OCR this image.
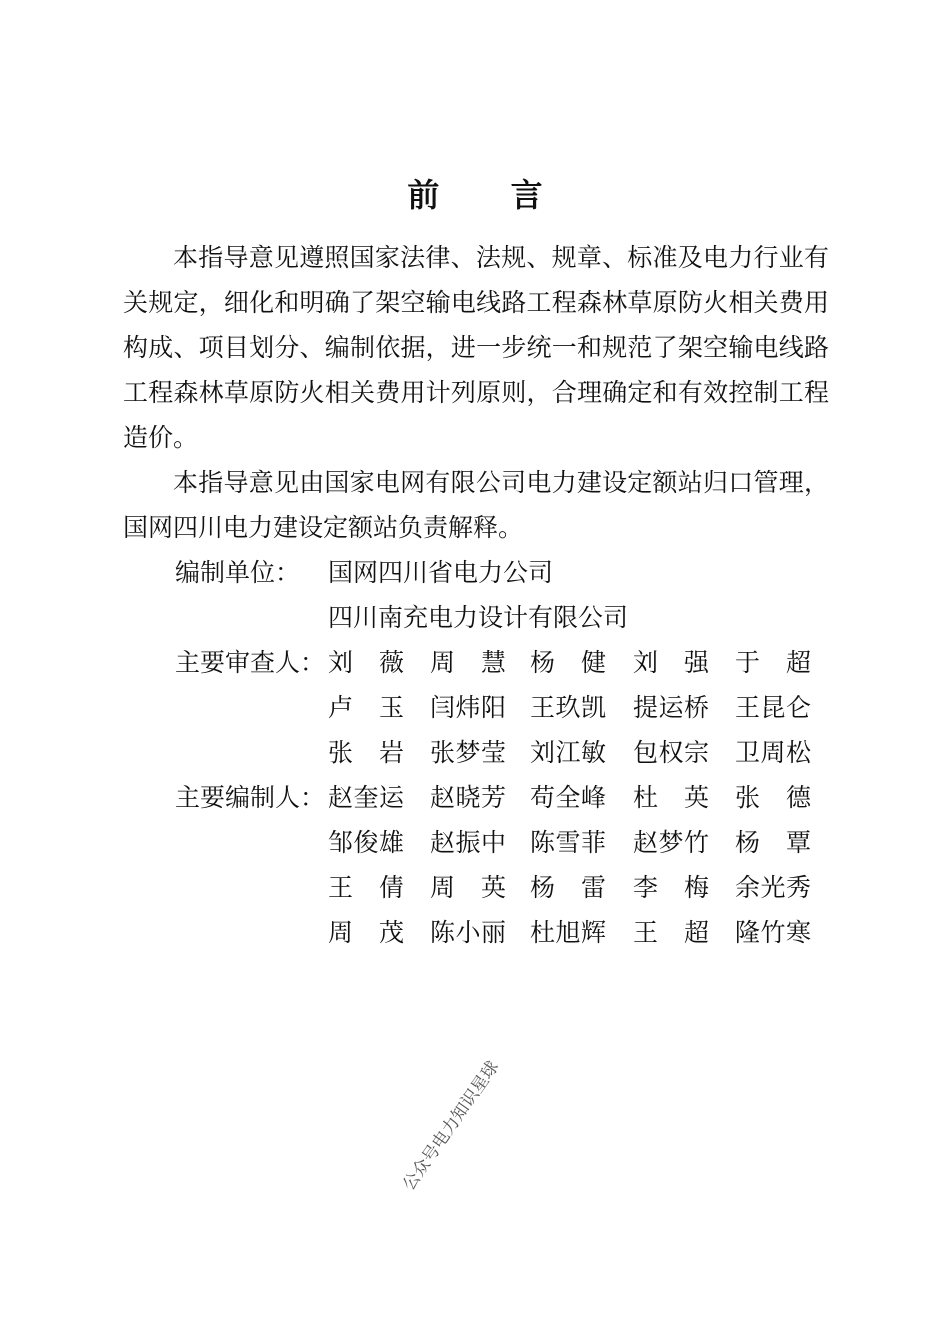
前 言

本指导意见遵照国家法律、法规、规章、标准及电力行业有关规定，细化和明确了架空输电线路工程森林草原防火相关费用构成、项目划分、编制依据，进一步统一和规范了架空输电线路工程森林草原防火相关费用计列原则，合理确定和有效控制工程造价。

本指导意见由国家电网有限公司电力建设定额站归口管理，国网四川电力建设定额站负责解释。

编制单位：	国网四川省电力公司
四川南充电力设计有限公司
主要审查人： 刘薇 周慧 杨健 刘强 于超
卢玉 闫炜阳 王玖凯 提运桥 王昆仑
张岩 张梦莹 刘江敏 包权宗 卫周松
主要编制人： 赵奎运 赵晓芳 苟全峰 杜英 张德
邹俊雄 赵振中 陈雪菲 赵梦竹 杨覃
王倩 周英 杨雷 李梅 余光秀
周茂 陈小丽 杜旭辉 王超 隆竹寒
公众号电力知识星球
